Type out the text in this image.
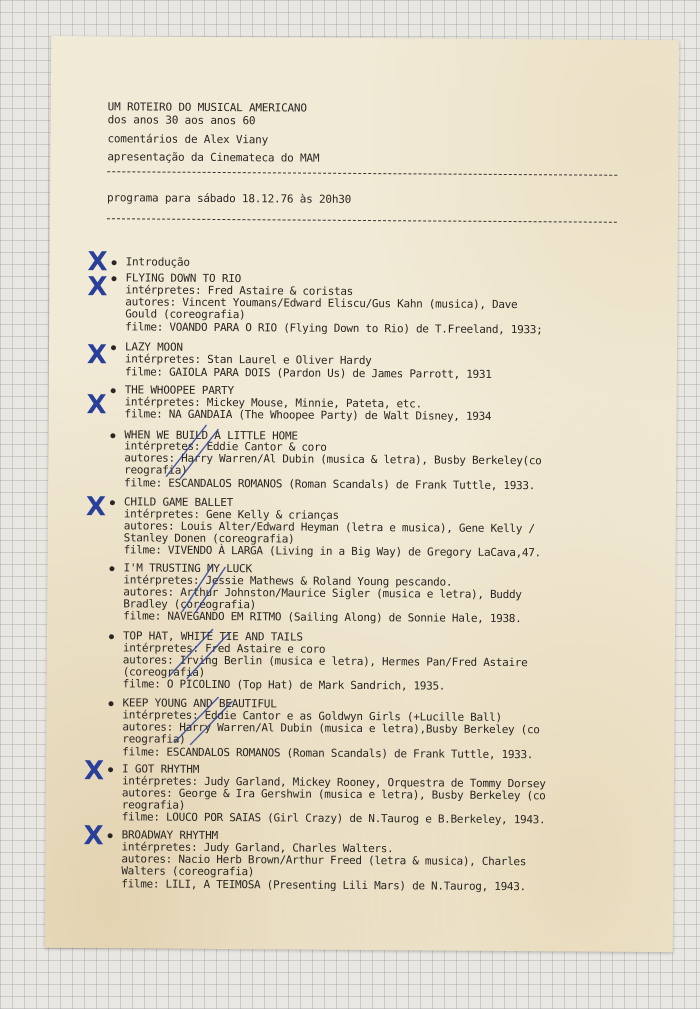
UM ROTEIRO DO MUSICAL AMERICANO
dos anos 30 aos anos 60
comentários de Alex Viany
apresentação da Cinemateca do MAM
programa para sábado 18.12.76 às 20h30
X Introdução
X FLYING DOWN TO RIO
intérpretes: Fred Astaire & coristas
autores: Vincent Youmans/Edward Eliscu/Gus Kahn (musica), Dave
Gould (coreografia)
filme: VOANDO PARA O RIO (Flying Down to Rio) de T.Freeland, 1933;
X LAZY MOON
intérpretes: Stan Laurel e Oliver Hardy
filme: GAIOLA PARA DOIS (Pardon Us) de James Parrott, 1931
X THE WHOOPEE PARTY
intérpretes: Mickey Mouse, Minnie, Pateta, etc.
filme: NA GANDAIA (The Whoopee Party) de Walt Disney, 1934
WHEN WE BUILD A LITTLE HOME
intérpretes: Eddie Cantor & coro
autores: Harry Warren/Al Dubin (musica & letra), Busby Berkeley(co
reografia)
filme: ESCANDALOS ROMANOS (Roman Scandals) de Frank Tuttle, 1933.
X CHILD GAME BALLET
intérpretes: Gene Kelly & crianças
autores: Louis Alter/Edward Heyman (letra e musica), Gene Kelly /
Stanley Donen (coreografia)
filme: VIVENDO À LARGA (Living in a Big Way) de Gregory LaCava,47.
I'M TRUSTING MY LUCK
intérpretes: Jessie Mathews & Roland Young pescando.
autores: Arthur Johnston/Maurice Sigler (musica e letra), Buddy
Bradley (coreografia)
filme: NAVEGANDO EM RITMO (Sailing Along) de Sonnie Hale, 1938.
TOP HAT, WHITE TIE AND TAILS
intérpretes: Fred Astaire e coro
autores: Irving Berlin (musica e letra), Hermes Pan/Fred Astaire
(coreografia)
filme: O PICOLINO (Top Hat) de Mark Sandrich, 1935.
KEEP YOUNG AND BEAUTIFUL
intérpretes: Eddie Cantor e as Goldwyn Girls (+Lucille Ball)
autores: Harry Warren/Al Dubin (musica e letra),Busby Berkeley (co
reografia)
filme: ESCANDALOS ROMANOS (Roman Scandals) de Frank Tuttle, 1933.
X I GOT RHYTHM
intérpretes: Judy Garland, Mickey Rooney, Orquestra de Tommy Dorsey
autores: George & Ira Gershwin (musica e letra), Busby Berkeley (co
reografia)
filme: LOUCO POR SAIAS (Girl Crazy) de N.Taurog e B.Berkeley, 1943.
X BROADWAY RHYTHM
intérpretes: Judy Garland, Charles Walters.
autores: Nacio Herb Brown/Arthur Freed (letra & musica), Charles
Walters (coreografia)
filme: LILI, A TEIMOSA (Presenting Lili Mars) de N.Taurog, 1943.
